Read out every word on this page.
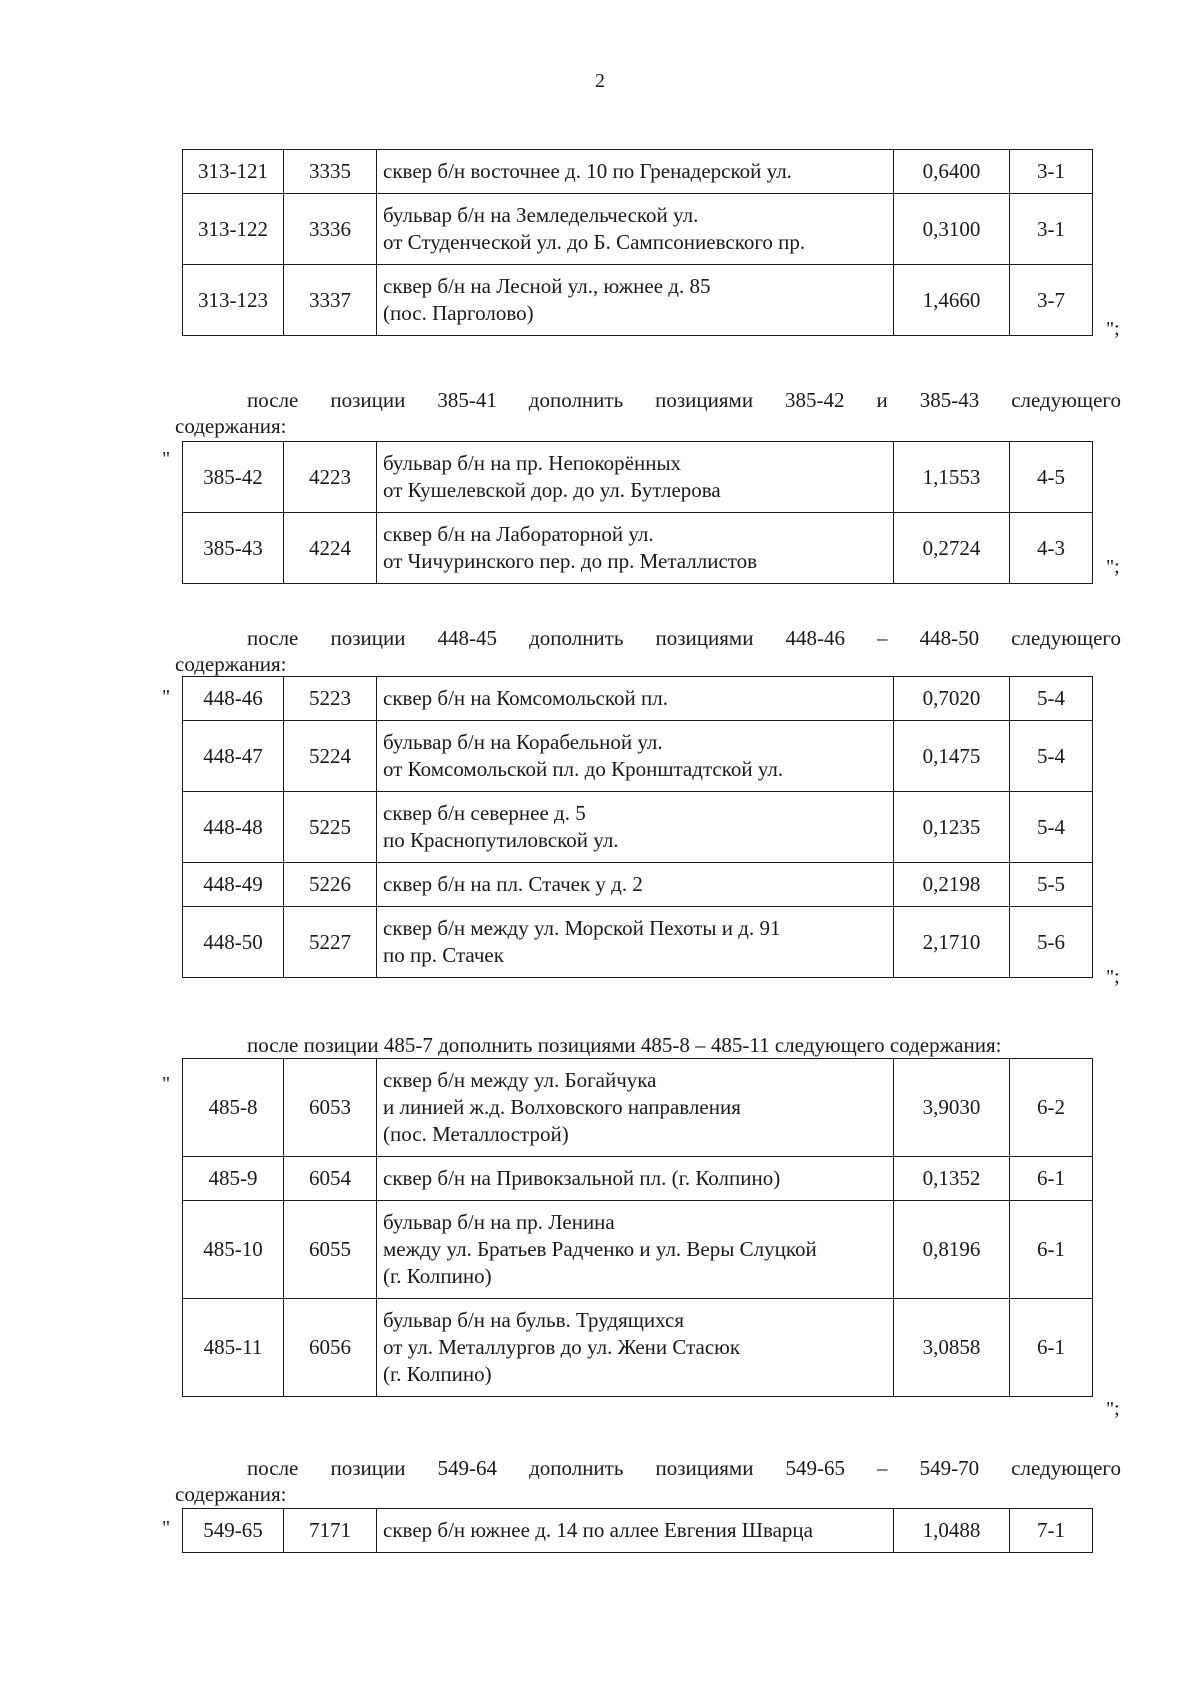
2
313-121	3335	сквер б/н восточнее д. 10 по Гренадерской ул.	0,6400	3-1
313-122	3336	бульвар б/н на Земледельческой ул.
от Студенческой ул. до Б. Сампсониевского пр.	0,3100	3-1
313-123	3337	сквер б/н на Лесной ул., южнее д. 85
(пос. Парголово)	1,4660	3-7
";
после позиции 385-41 дополнить позициями 385-42 и 385-43 следующего
содержания:
"
385-42	4223	бульвар б/н на пр. Непокорённых
от Кушелевской дор. до ул. Бутлерова	1,1553	4-5
385-43	4224	сквер б/н на Лабораторной ул.
от Чичуринского пер. до пр. Металлистов	0,2724	4-3
";
после позиции 448-45 дополнить позициями 448-46 – 448-50 следующего
содержания:
" 448-46	5223	сквер б/н на Комсомольской пл.	0,7020	5-4
448-47	5224	бульвар б/н на Корабельной ул.
от Комсомольской пл. до Кронштадтской ул.	0,1475	5-4
448-48	5225	сквер б/н севернее д. 5
по Краснопутиловской ул.	0,1235	5-4
448-49	5226	сквер б/н на пл. Стачек у д. 2	0,2198	5-5
448-50	5227	сквер б/н между ул. Морской Пехоты и д. 91
по пр. Стачек	2,1710	5-6
";
после позиции 485-7 дополнить позициями 485-8 – 485-11 следующего содержания:
"
485-8	6053	сквер б/н между ул. Богайчука
и линией ж.д. Волховского направления
(пос. Металлострой)	3,9030	6-2
485-9	6054	сквер б/н на Привокзальной пл. (г. Колпино)	0,1352	6-1
485-10	6055	бульвар б/н на пр. Ленина
между ул. Братьев Радченко и ул. Веры Слуцкой
(г. Колпино)	0,8196	6-1
485-11	6056	бульвар б/н на бульв. Трудящихся
от ул. Металлургов до ул. Жени Стасюк
(г. Колпино)	3,0858	6-1
";
после позиции 549-64 дополнить позициями 549-65 – 549-70 следующего
содержания:
" 549-65	7171	сквер б/н южнее д. 14 по аллее Евгения Шварца	1,0488	7-1
